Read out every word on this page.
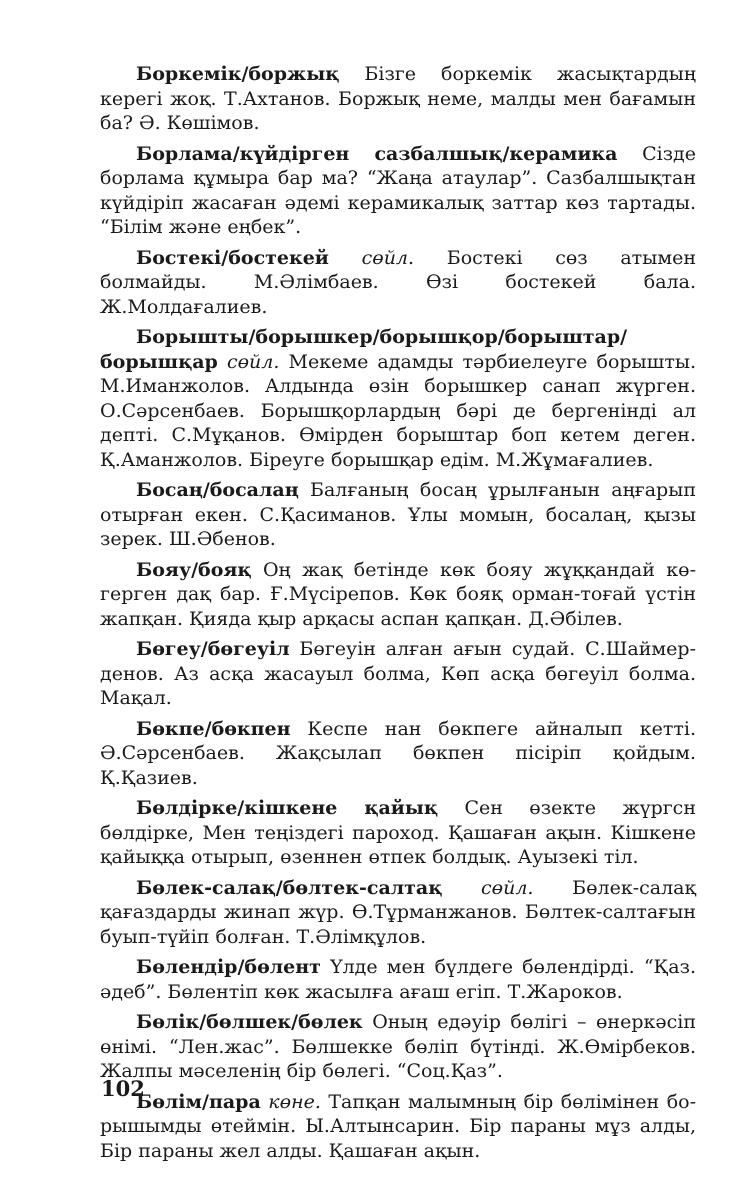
Боркемік/боржық Бізге боркемік жасықтардың керегі жоқ. Т.Ахтанов. Боржық неме, малды мен бағамын ба? Ә. Көшімов.

Борлама/күйдірген сазбалшық/керамика Сізде борлама құмыра бар ма? “Жаңа атаулар”. Сазбалшықтан күйдіріп жасаған әдемі керамикалық заттар көз тартады. “Білім және еңбек”.

Бостекі/бостекей сөйл. Бостекі сөз атымен болмайды. М.Әлімбаев. Өзі бостекей бала. Ж.Молдағалиев.

Борышты/борышкер/борышқор/борыштар/борышқар сөйл. Мекеме адамды тәрбиелеуге борышты. М.Иманжолов. Алдында өзін борышкер санап жүрген. О.Сәрсенбаев. Борышқорлардың бәрі де бергенінді ал депті. С.Мұқанов. Өмірден борыштар боп кетем деген. Қ.Аманжолов. Біреуге борышқар едім. М.Жұмағалиев.

Босаң/босалаң Балғаның босаң ұрылғанын аңғарып отырған екен. С.Қасиманов. Ұлы момын, босалаң, қызы зерек. Ш.Әбенов.

Бояу/бояқ Оң жақ бетінде көк бояу жұққандай көгерген дақ бар. Ғ.Мүсірепов. Көк бояқ орман-тоғай үстін жапқан. Қияда қыр арқасы аспан қапқан. Д.Әбілев.

Бөгеу/бөгеуіл Бөгеуін алған ағын судай. С.Шаймерденов. Аз асқа жасауыл болма, Көп асқа бөгеуіл болма. Мақал.

Бөкпе/бөкпен Кеспе нан бөкпеге айналып кетті. Ә.Сәрсенбаев. Жақсылап бөкпен пісіріп қойдым. Қ.Қазиев.

Бөлдірке/кішкене қайық Сен өзекте жүргсн бөлдірке, Мен теңіздегі пароход. Қашаған ақын. Кішкене қайыққа отырып, өзеннен өтпек болдық. Ауызекі тіл.

Бөлек-салақ/бөлтек-салтақ сөйл. Бөлек-салақ қағаздарды жинап жүр. Ө.Тұрманжанов. Бөлтек-салтағын буып-түйіп болған. Т.Әлімқұлов.

Бөлендір/бөлент Үлде мен бүлдеге бөлендірді. “Қаз. әдеб”. Бөлентіп көк жасылға ағаш егіп. Т.Жароков.

Бөлік/бөлшек/бөлек Оның едәуір бөлігі – өнеркәсіп өнімі. “Лен.жас”. Бөлшекке бөліп бүтінді. Ж.Өмірбеков. Жалпы мәселенің бір бөлегі. “Соц.Қаз”.

Бөлім/пара көне. Тапқан малымның бір бөлімінен борышымды өтеймін. Ы.Алтынсарин. Бір параны мұз алды, Бір параны жел алды. Қашаған ақын.

102
